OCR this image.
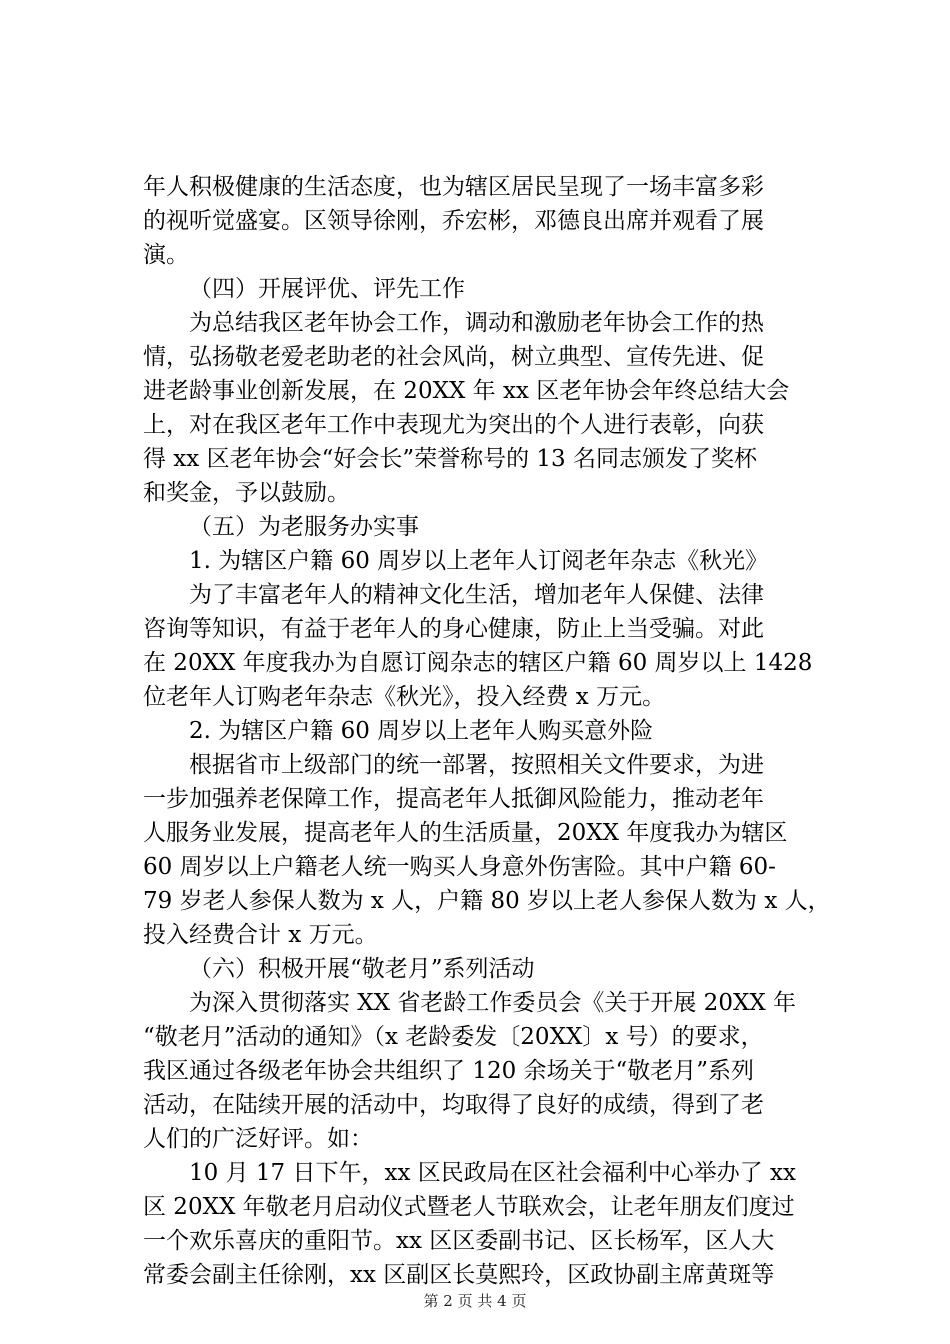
年人积极健康的生活态度，也为辖区居民呈现了一场丰富多彩
的视听觉盛宴。区领导徐刚，乔宏彬，邓德良出席并观看了展
演。
（四）开展评优、评先工作
为总结我区老年协会工作，调动和激励老年协会工作的热
情，弘扬敬老爱老助老的社会风尚，树立典型、宣传先进、促
进老龄事业创新发展，在 20XX 年 xx 区老年协会年终总结大会
上，对在我区老年工作中表现尤为突出的个人进行表彰，向获
得 xx 区老年协会“好会长”荣誉称号的 13 名同志颁发了奖杯
和奖金，予以鼓励。
（五）为老服务办实事
1. 为辖区户籍 60 周岁以上老年人订阅老年杂志《秋光》
为了丰富老年人的精神文化生活，增加老年人保健、法律
咨询等知识，有益于老年人的身心健康，防止上当受骗。对此
在 20XX 年度我办为自愿订阅杂志的辖区户籍 60 周岁以上 1428
位老年人订购老年杂志《秋光》，投入经费 x 万元。
2. 为辖区户籍 60 周岁以上老年人购买意外险
根据省市上级部门的统一部署，按照相关文件要求，为进
一步加强养老保障工作，提高老年人抵御风险能力，推动老年
人服务业发展，提高老年人的生活质量，20XX 年度我办为辖区
60 周岁以上户籍老人统一购买人身意外伤害险。其中户籍 60-
79 岁老人参保人数为 x 人，户籍 80 岁以上老人参保人数为 x 人，
投入经费合计 x 万元。
（六）积极开展“敬老月”系列活动
为深入贯彻落实 XX 省老龄工作委员会《关于开展 20XX 年
“敬老月”活动的通知》（x 老龄委发〔20XX〕x 号）的要求，
我区通过各级老年协会共组织了 120 余场关于“敬老月”系列
活动，在陆续开展的活动中，均取得了良好的成绩，得到了老
人们的广泛好评。如：
10 月 17 日下午，xx 区民政局在区社会福利中心举办了 xx
区 20XX 年敬老月启动仪式暨老人节联欢会，让老年朋友们度过
一个欢乐喜庆的重阳节。xx 区区委副书记、区长杨军，区人大
常委会副主任徐刚，xx 区副区长莫熙玲，区政协副主席黄斑等
第 2 页 共 4 页
